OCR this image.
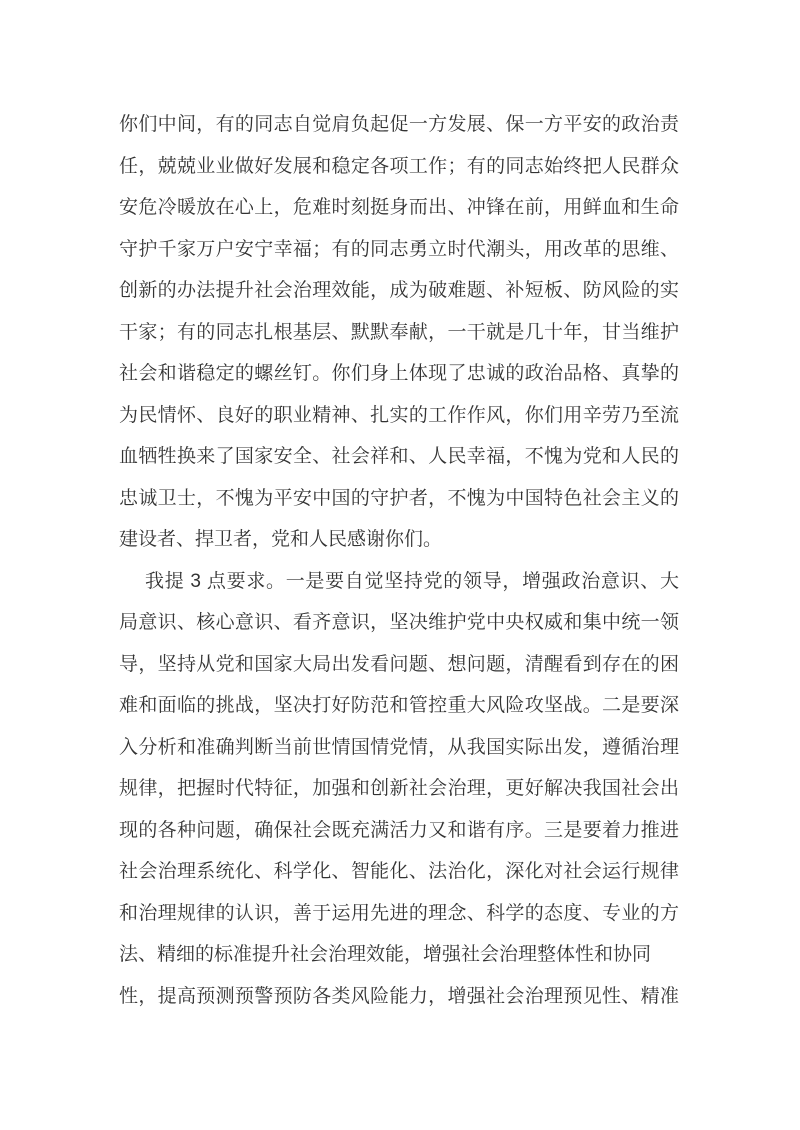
你们中间，有的同志自觉肩负起促一方发展、保一方平安的政治责
任，兢兢业业做好发展和稳定各项工作；有的同志始终把人民群众
安危冷暖放在心上，危难时刻挺身而出、冲锋在前，用鲜血和生命
守护千家万户安宁幸福；有的同志勇立时代潮头，用改革的思维、
创新的办法提升社会治理效能，成为破难题、补短板、防风险的实
干家；有的同志扎根基层、默默奉献，一干就是几十年，甘当维护
社会和谐稳定的螺丝钉。你们身上体现了忠诚的政治品格、真挚的
为民情怀、良好的职业精神、扎实的工作作风，你们用辛劳乃至流
血牺牲换来了国家安全、社会祥和、人民幸福，不愧为党和人民的
忠诚卫士，不愧为平安中国的守护者，不愧为中国特色社会主义的
建设者、捍卫者，党和人民感谢你们。
我提 3 点要求。一是要自觉坚持党的领导，增强政治意识、大
局意识、核心意识、看齐意识，坚决维护党中央权威和集中统一领
导，坚持从党和国家大局出发看问题、想问题，清醒看到存在的困
难和面临的挑战，坚决打好防范和管控重大风险攻坚战。二是要深
入分析和准确判断当前世情国情党情，从我国实际出发，遵循治理
规律，把握时代特征，加强和创新社会治理，更好解决我国社会出
现的各种问题，确保社会既充满活力又和谐有序。三是要着力推进
社会治理系统化、科学化、智能化、法治化，深化对社会运行规律
和治理规律的认识，善于运用先进的理念、科学的态度、专业的方
法、精细的标准提升社会治理效能，增强社会治理整体性和协同
性，提高预测预警预防各类风险能力，增强社会治理预见性、精准
